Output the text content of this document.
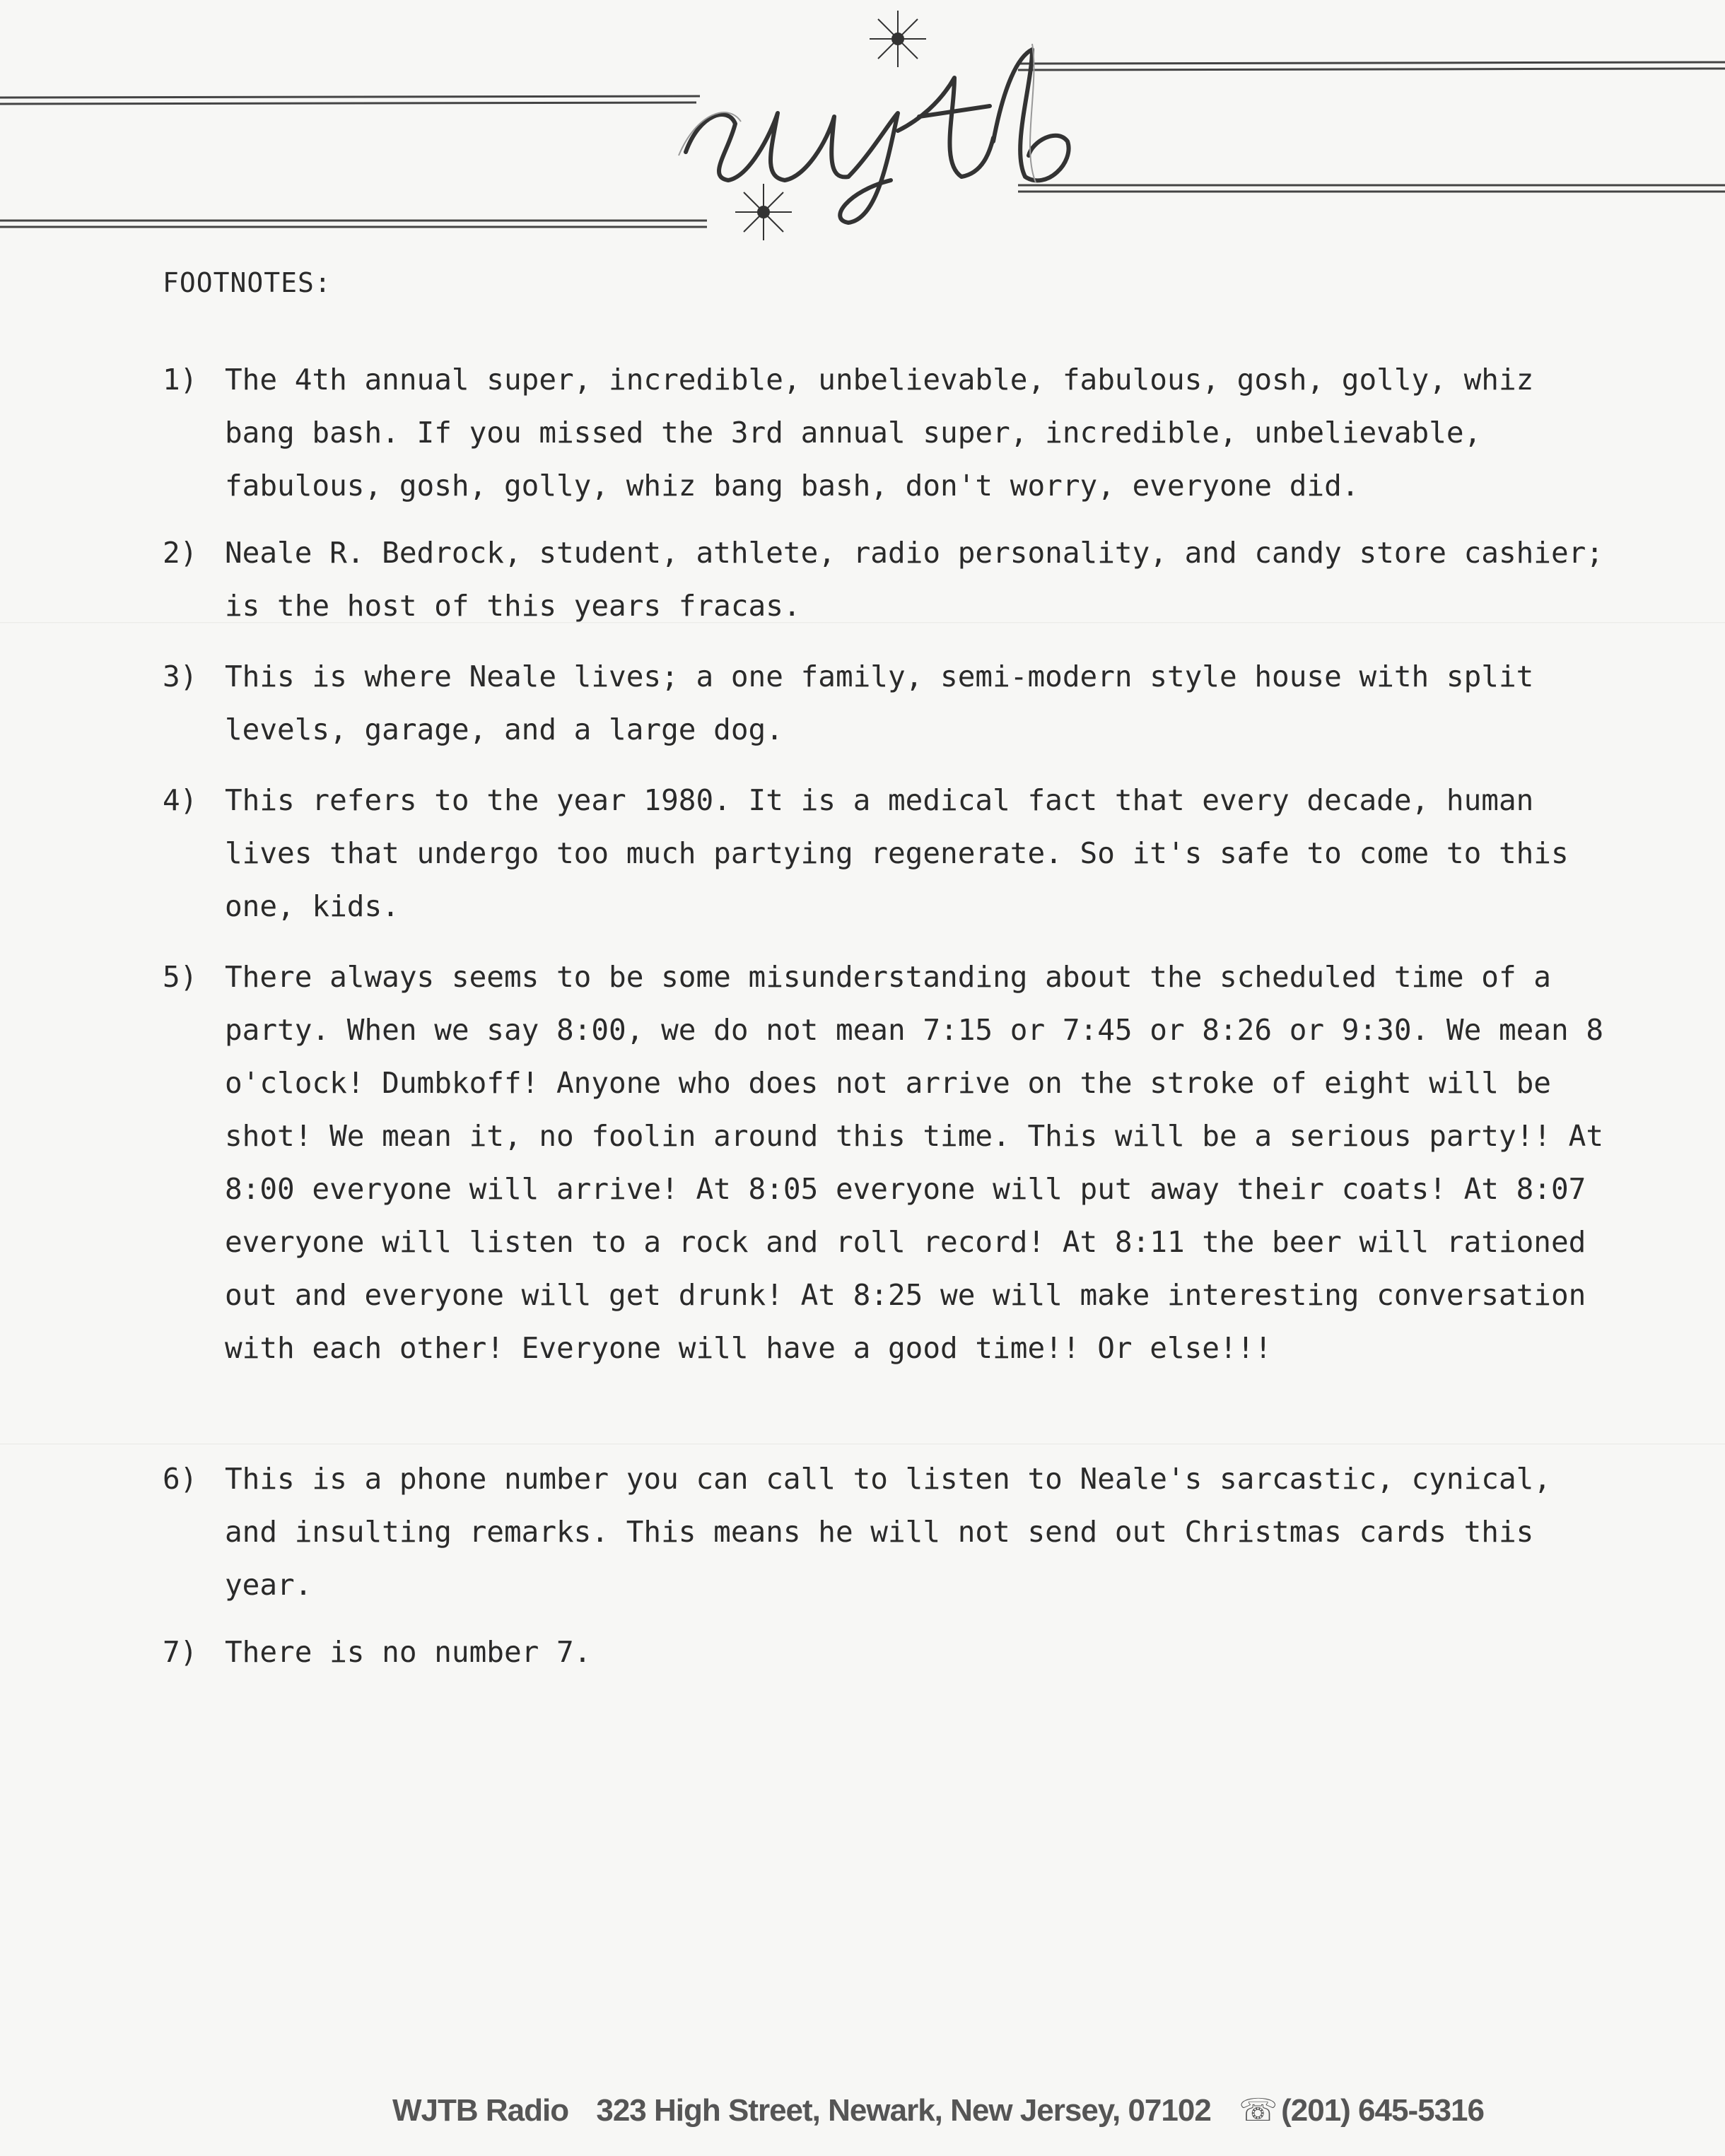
FOOTNOTES:
1) The 4th annual super, incredible, unbelievable, fabulous, gosh, golly, whiz bang bash. If you missed the 3rd annual super, incredible, unbelievable, fabulous, gosh, golly, whiz bang bash, don't worry, everyone did.
2) Neale R. Bedrock, student, athlete, radio personality, and candy store cashier; is the host of this years fracas.
3) This is where Neale lives; a one family, semi-modern style house with split levels, garage, and a large dog.
4) This refers to the year 1980. It is a medical fact that every decade, human lives that undergo too much partying regenerate. So it's safe to come to this one, kids.
5) There always seems to be some misunderstanding about the scheduled time of a party. When we say 8:00, we do not mean 7:15 or 7:45 or 8:26 or 9:30. We mean 8 o'clock! Dumbkoff! Anyone who does not arrive on the stroke of eight will be shot! We mean it, no foolin around this time. This will be a serious party!! At 8:00 everyone will arrive! At 8:05 everyone will put away their coats! At 8:07 everyone will listen to a rock and roll record! At 8:11 the beer will rationed out and everyone will get drunk! At 8:25 we will make interesting conversation with each other! Everyone will have a good time!! Or else!!!
6) This is a phone number you can call to listen to Neale's sarcastic, cynical, and insulting remarks. This means he will not send out Christmas cards this year.
7) There is no number 7.
WJTB Radio 323 High Street, Newark, New Jersey, 07102 ☏ (201) 645-5316
